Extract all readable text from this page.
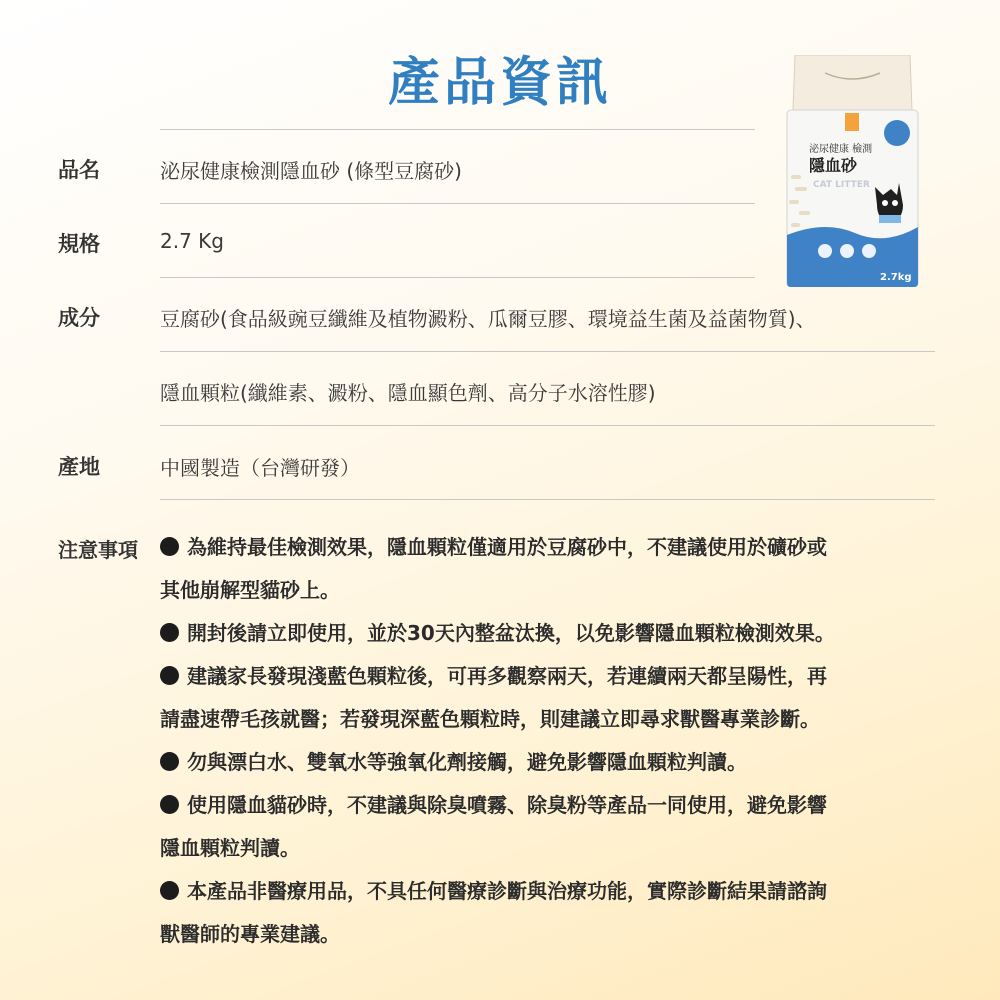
產品資訊
品名	泌尿健康檢測隱血砂 (條型豆腐砂)
規格	2.7 Kg
成分	豆腐砂(食品級豌豆纖維及植物澱粉、瓜爾豆膠、環境益生菌及益菌物質)、
隱血顆粒(纖維素、澱粉、隱血顯色劑、高分子水溶性膠)
產地	中國製造（台灣研發）
注意事項	為維持最佳檢測效果，隱血顆粒僅適用於豆腐砂中，不建議使用於礦砂或
其他崩解型貓砂上。
開封後請立即使用，並於30天內整盆汰換，以免影響隱血顆粒檢測效果。
建議家長發現淺藍色顆粒後，可再多觀察兩天，若連續兩天都呈陽性，再
請盡速帶毛孩就醫；若發現深藍色顆粒時，則建議立即尋求獸醫專業診斷。
勿與漂白水、雙氧水等強氧化劑接觸，避免影響隱血顆粒判讀。
使用隱血貓砂時，不建議與除臭噴霧、除臭粉等產品一同使用，避免影響
隱血顆粒判讀。
本產品非醫療用品，不具任何醫療診斷與治療功能，實際診斷結果請諮詢
獸醫師的專業建議。
泌尿健康 檢測
隱血砂
CAT LITTER
2.7kg
